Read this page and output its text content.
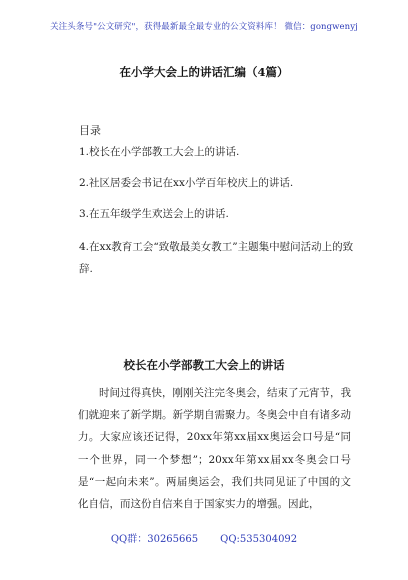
关注头条号"公文研究"，获得最新最全最专业的公文资料库！ 微信：gongwenyj
在小学大会上的讲话汇编（4篇）
目录
1.校长在小学部教工大会上的讲话.
2.社区居委会书记在xx小学百年校庆上的讲话.
3.在五年级学生欢送会上的讲话.
4.在xx教育工会“致敬最美女教工”主题集中慰问活动上的致辞.
校长在小学部教工大会上的讲话

时间过得真快，刚刚关注完冬奥会，结束了元宵节，我们就迎来了新学期。新学期自需聚力。冬奥会中自有诸多动力。大家应该还记得，20xx年第xx届xx奥运会口号是“同一个世界，同一个梦想”；20xx年第xx届xx冬奥会口号是“一起向未来”。两届奥运会，我们共同见证了中国的文化自信，而这份自信来自于国家实力的增强。因此，

QQ群：30265665 QQ:535304092
